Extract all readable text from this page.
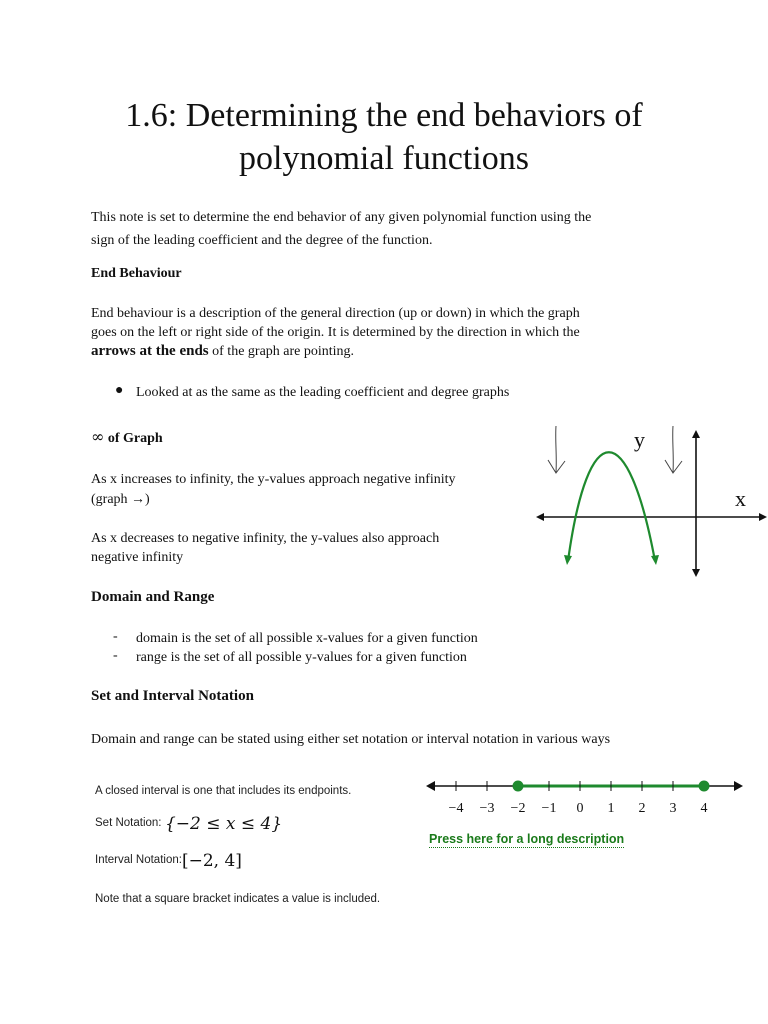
1.6: Determining the end behaviors of polynomial functions

This note is set to determine the end behavior of any given polynomial function using the

sign of the leading coefficient and the degree of the function.

End Behaviour

End behaviour is a description of the general direction (up or down) in which the graph

goes on the left or right side of the origin. It is determined by the direction in which the

arrows at the ends of the graph are pointing.

● Looked at as the same as the leading coefficient and degree graphs

∞ of Graph

As x increases to infinity, the y-values approach negative infinity

(graph →)

As x decreases to negative infinity, the y-values also approach

negative infinity

y
x

Domain and Range

- domain is the set of all possible x-values for a given function

- range is the set of all possible y-values for a given function

Set and Interval Notation

Domain and range can be stated using either set notation or interval notation in various ways

A closed interval is one that includes its endpoints.

$^{Set Notation:}$ {−2 ≤ x ≤ 4}

$^{Interval Notation:}$[−2, 4]

Note that a square bracket indicates a value is included.

−4 −3 −2 −1 0 1 2 3 4
Press here for a long description
